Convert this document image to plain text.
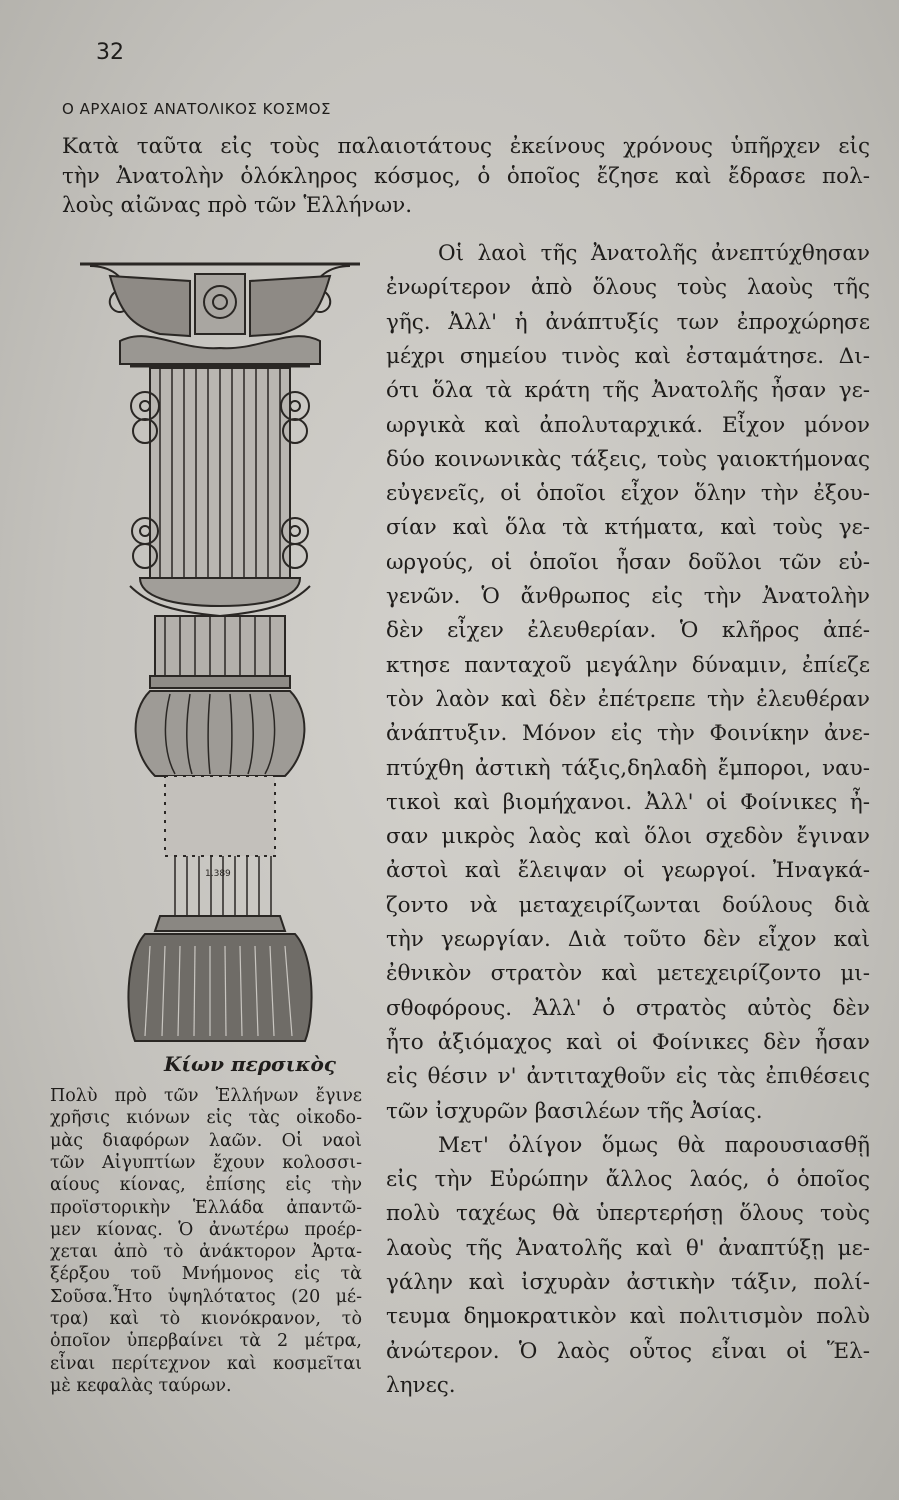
32
Ο ΑΡΧΑΙΟΣ ΑΝΑΤΟΛΙΚΟΣ ΚΟΣΜΟΣ
Κατὰ ταῦτα εἰς τοὺς παλαιοτάτους ἐκείνους χρόνους ὑπῆρχεν εἰς
τὴν Ἀνατολὴν ὁλόκληρος κόσμος, ὁ ὁποῖος ἔζησε καὶ ἔδρασε πολ-
λοὺς αἰῶνας πρὸ τῶν Ἑλλήνων.
Οἱ λαοὶ τῆς Ἀνατολῆς ἀνεπτύχθησαν
ἐνωρίτερον ἀπὸ ὅλους τοὺς λαοὺς τῆς
γῆς. Ἀλλ' ἡ ἀνάπτυξίς των ἐπροχώρησε
μέχρι σημείου τινὸς καὶ ἐσταμάτησε. Δι-
ότι ὅλα τὰ κράτη τῆς Ἀνατολῆς ἦσαν γε-
ωργικὰ καὶ ἀπολυταρχικά. Εἶχον μόνον
δύο κοινωνικὰς τάξεις, τοὺς γαιοκτήμονας
εὐγενεῖς, οἱ ὁποῖοι εἶχον ὅλην τὴν ἐξου-
σίαν καὶ ὅλα τὰ κτήματα, καὶ τοὺς γε-
ωργούς, οἱ ὁποῖοι ἦσαν δοῦλοι τῶν εὐ-
γενῶν. Ὁ ἄνθρωπος εἰς τὴν Ἀνατολὴν
δὲν εἶχεν ἐλευθερίαν. Ὁ κλῆρος ἀπέ-
κτησε πανταχοῦ μεγάλην δύναμιν, ἐπίεζε
τὸν λαὸν καὶ δὲν ἐπέτρεπε τὴν ἐλευθέραν
ἀνάπτυξιν. Μόνον εἰς τὴν Φοινίκην ἀνε-
πτύχθη ἀστικὴ τάξις,δηλαδὴ ἔμποροι, ναυ-
τικοὶ καὶ βιομήχανοι. Ἀλλ' οἱ Φοίνικες ἦ-
σαν μικρὸς λαὸς καὶ ὅλοι σχεδὸν ἔγιναν
ἀστοὶ καὶ ἔλειψαν οἱ γεωργοί. Ἠναγκά-
ζοντο νὰ μεταχειρίζωνται δούλους διὰ
τὴν γεωργίαν. Διὰ τοῦτο δὲν εἶχον καὶ
ἐθνικὸν στρατὸν καὶ μετεχειρίζοντο μι-
σθοφόρους. Ἀλλ' ὁ στρατὸς αὐτὸς δὲν
ἦτο ἀξιόμαχος καὶ οἱ Φοίνικες δὲν ἦσαν
εἰς θέσιν ν' ἀντιταχθοῦν εἰς τὰς ἐπιθέσεις
τῶν ἰσχυρῶν βασιλέων τῆς Ἀσίας.
Μετ' ὀλίγον ὅμως θὰ παρουσιασθῇ
εἰς τὴν Εὐρώπην ἄλλος λαός, ὁ ὁποῖος
πολὺ ταχέως θὰ ὑπερτερήσῃ ὅλους τοὺς
λαοὺς τῆς Ἀνατολῆς καὶ θ' ἀναπτύξῃ με-
γάλην καὶ ἰσχυρὰν ἀστικὴν τάξιν, πολί-
τευμα δημοκρατικὸν καὶ πολιτισμὸν πολὺ
ἀνώτερον. Ὁ λαὸς οὗτος εἶναι οἱ Ἕλ-
ληνες.
1.389
Κίων περσικὸς
Πολὺ πρὸ τῶν Ἑλλήνων ἔγινε
χρῆσις κιόνων εἰς τὰς οἰκοδο-
μὰς διαφόρων λαῶν. Οἱ ναοὶ
τῶν Αἰγυπτίων ἔχουν κολοσσι-
αίους κίονας, ἐπίσης εἰς τὴν
προϊστορικὴν Ἑλλάδα ἀπαντῶ-
μεν κίονας. Ὁ ἀνωτέρω προέρ-
χεται ἀπὸ τὸ ἀνάκτορον Ἀρτα-
ξέρξου τοῦ Μνήμονος εἰς τὰ
Σοῦσα.Ἦτο ὑψηλότατος (20 μέ-
τρα) καὶ τὸ κιονόκρανον, τὸ
ὁποῖον ὑπερβαίνει τὰ 2 μέτρα,
εἶναι περίτεχνον καὶ κοσμεῖται
μὲ κεφαλὰς ταύρων.
